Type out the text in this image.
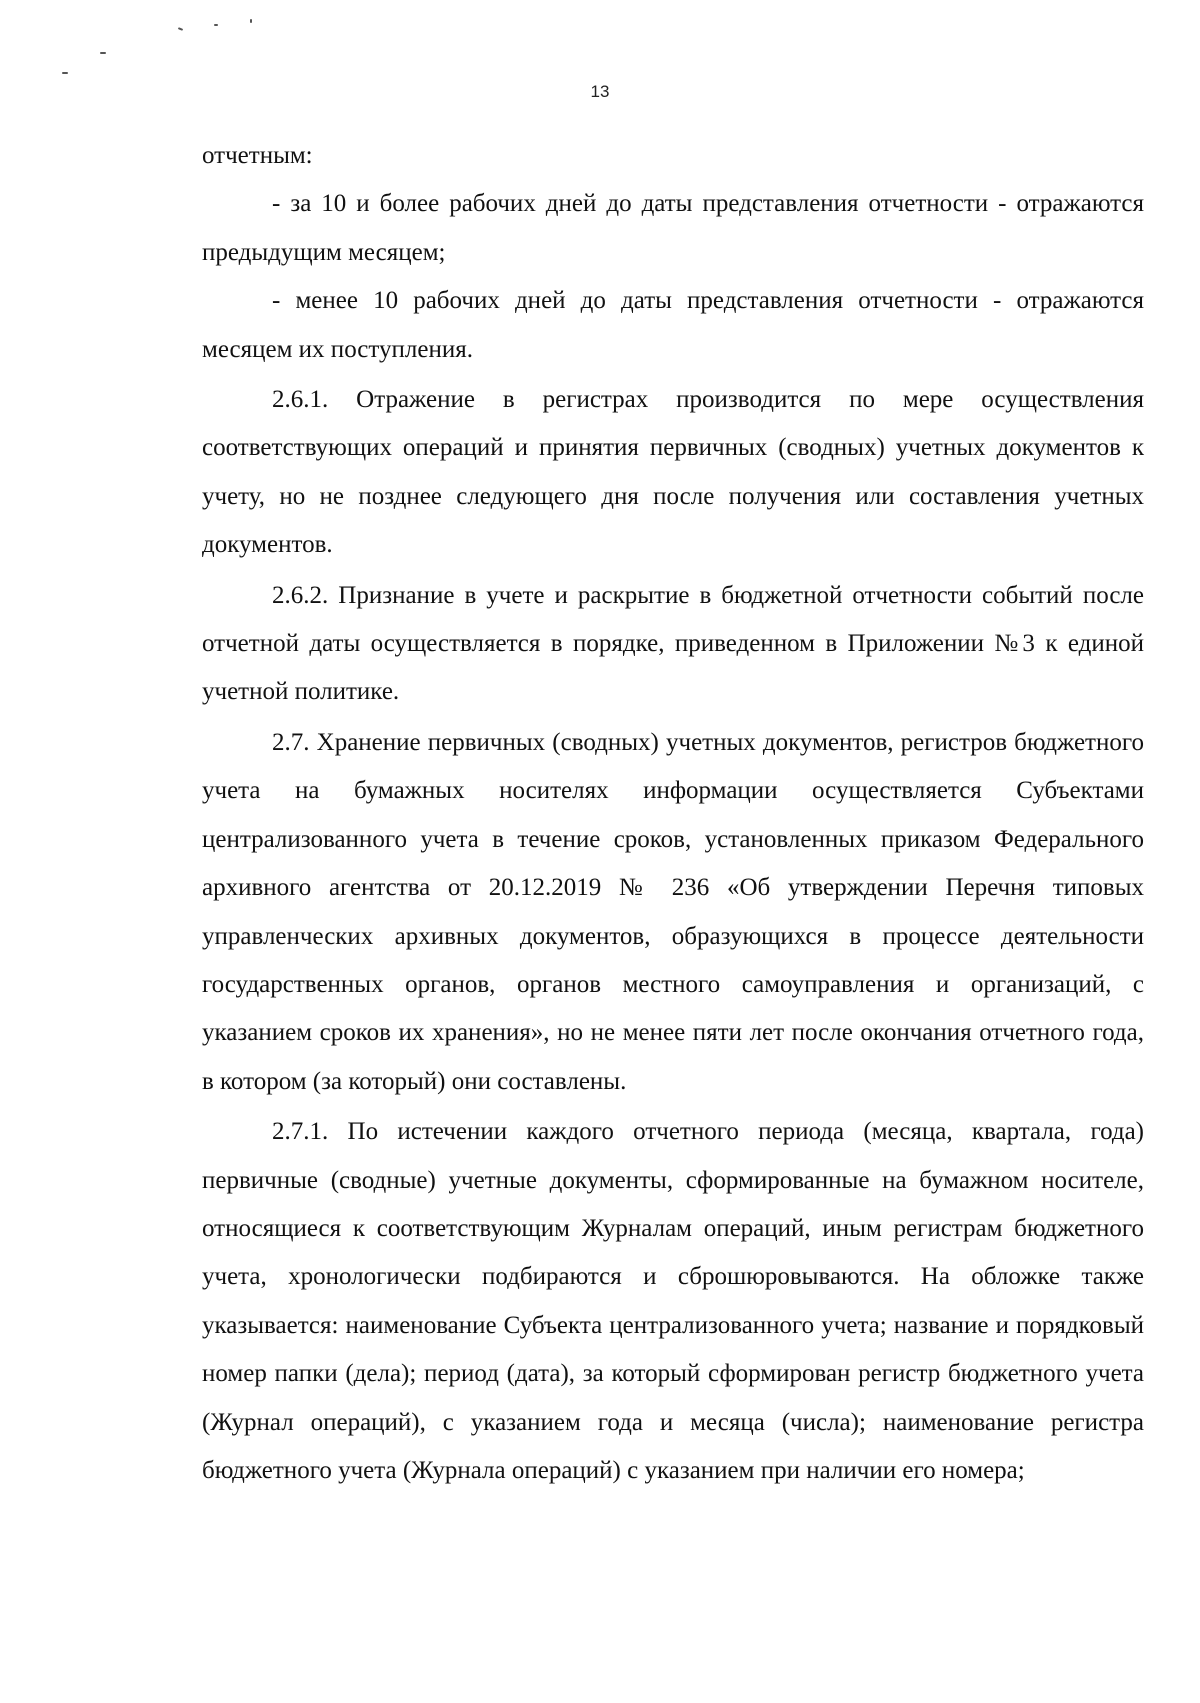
13

отчетным:

- за 10 и более рабочих дней до даты представления отчетности - отражаются предыдущим месяцем;

- менее 10 рабочих дней до даты представления отчетности - отражаются месяцем их поступления.

2.6.1. Отражение в регистрах производится по мере осуществления соответствующих операций и принятия первичных (сводных) учетных документов к учету, но не позднее следующего дня после получения или составления учетных документов.

2.6.2. Признание в учете и раскрытие в бюджетной отчетности событий после отчетной даты осуществляется в порядке, приведенном в Приложении №3 к единой учетной политике.

2.7. Хранение первичных (сводных) учетных документов, регистров бюджетного учета на бумажных носителях информации осуществляется Субъектами централизованного учета в течение сроков, установленных приказом Федерального архивного агентства от 20.12.2019 № 236 «Об утверждении Перечня типовых управленческих архивных документов, образующихся в процессе деятельности государственных органов, органов местного самоуправления и организаций, с указанием сроков их хранения», но не менее пяти лет после окончания отчетного года, в котором (за который) они составлены.

2.7.1. По истечении каждого отчетного периода (месяца, квартала, года) первичные (сводные) учетные документы, сформированные на бумажном носителе, относящиеся к соответствующим Журналам операций, иным регистрам бюджетного учета, хронологически подбираются и сброшюровываются. На обложке также указывается: наименование Субъекта централизованного учета; название и порядковый номер папки (дела); период (дата), за который сформирован регистр бюджетного учета (Журнал операций), с указанием года и месяца (числа); наименование регистра бюджетного учета (Журнала операций) с указанием при наличии его номера;
